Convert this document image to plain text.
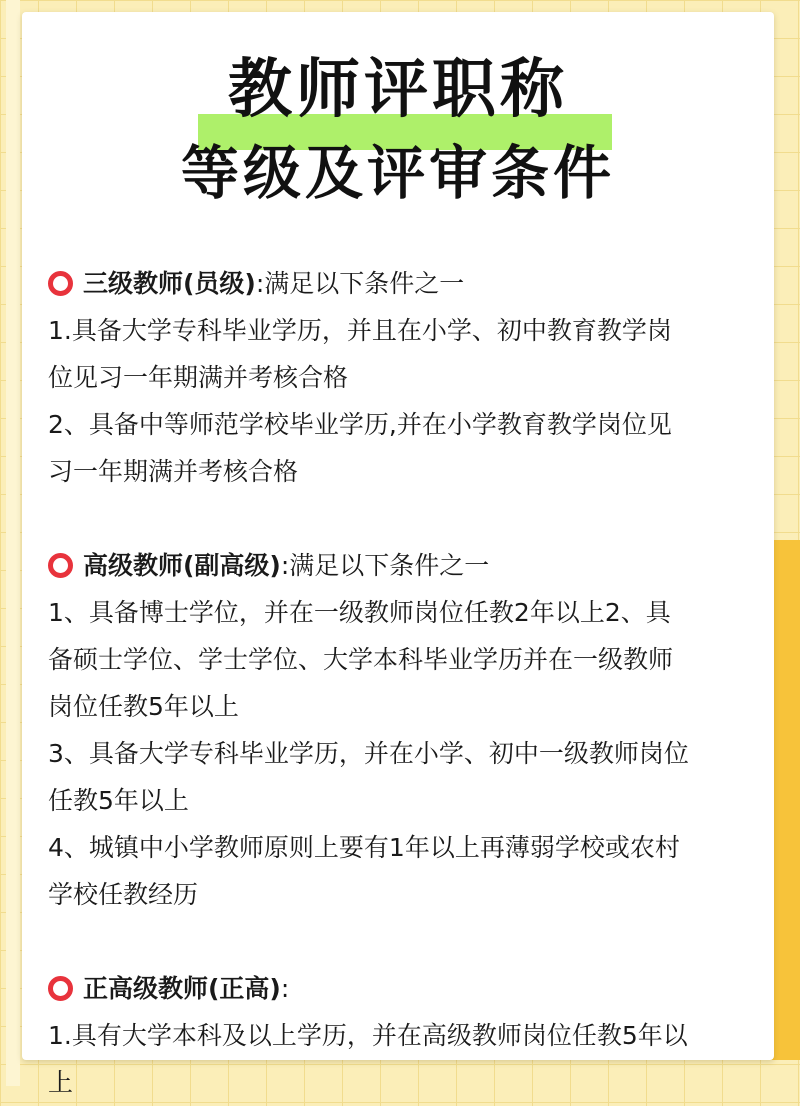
教师评职称
等级及评审条件
三级教师(员级) :满足以下条件之一
1.具备大学专科毕业学历，并且在小学、初中教育教学岗
位见习一年期满并考核合格
2、具备中等师范学校毕业学历,并在小学教育教学岗位见
习一年期满并考核合格
高级教师(副高级) :满足以下条件之一
1、具备博士学位，并在一级教师岗位任教2年以上2、具
备硕士学位、学士学位、大学本科毕业学历并在一级教师
岗位任教5年以上
3、具备大学专科毕业学历，并在小学、初中一级教师岗位
任教5年以上
4、城镇中小学教师原则上要有1年以上再薄弱学校或农村
学校任教经历
正高级教师(正高) :
1.具有大学本科及以上学历，并在高级教师岗位任教5年以
上
